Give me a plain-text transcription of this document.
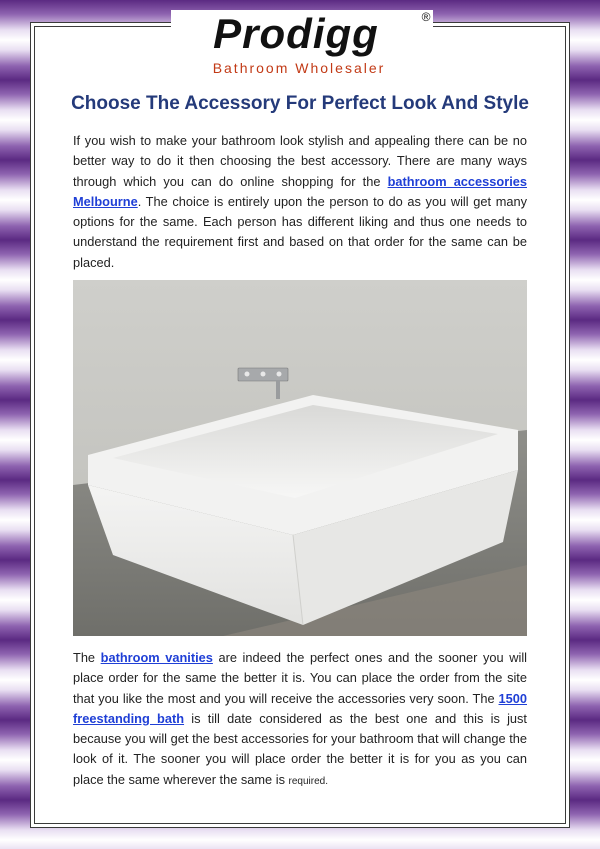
Prodigg	®
Bathroom Wholesaler
Choose The Accessory For Perfect Look And Style

If you wish to make your bathroom look stylish and appealing there can be no better way to do it then choosing the best accessory. There are many ways through which you can do online shopping for the bathroom accessories Melbourne. The choice is entirely upon the person to do as you will get many options for the same. Each person has different liking and thus one needs to understand the requirement first and based on that order for the same can be placed.

The bathroom vanities are indeed the perfect ones and the sooner you will place order for the same the better it is. You can place the order from the site that you like the most and you will receive the accessories very soon. The 1500 freestanding bath is till date considered as the best one and this is just because you will get the best accessories for your bathroom that will change the look of it. The sooner you will place order the better it is for you as you can place the same wherever the same is required.
